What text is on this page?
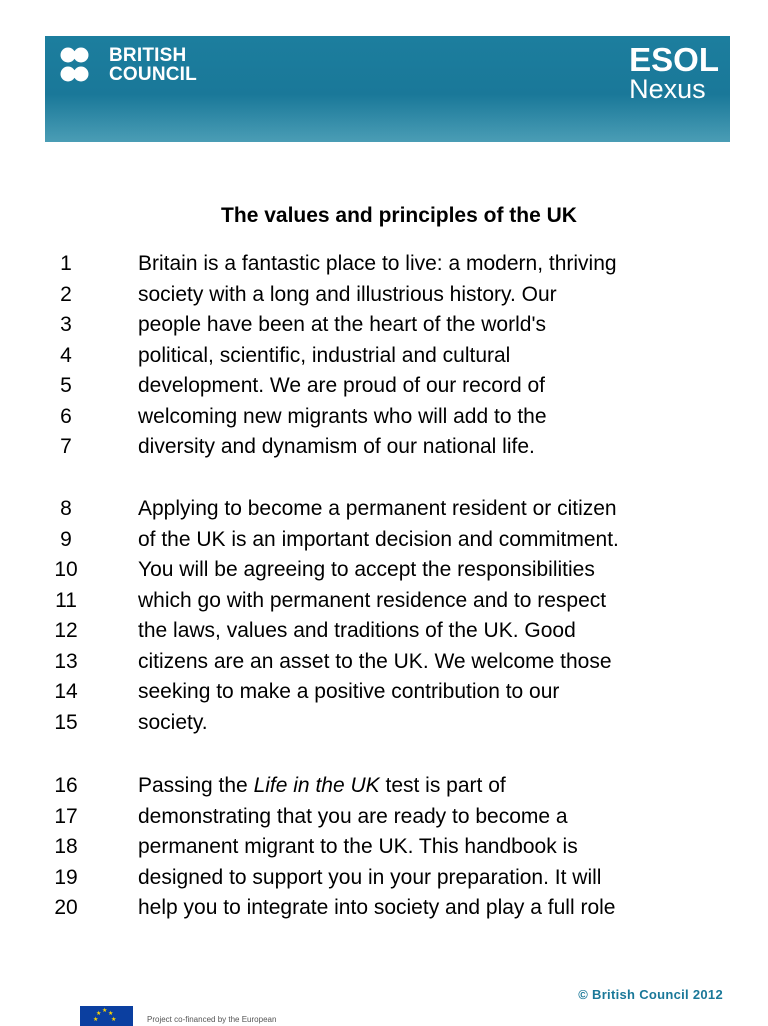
BRITISH
COUNCIL	ESOL
Nexus
The values and principles of the UK
1	Britain is a fantastic place to live: a modern, thriving
2	society with a long and illustrious history. Our
3	people have been at the heart of the world's
4	political, scientific, industrial and cultural
5	development. We are proud of our record of
6	welcoming new migrants who will add to the
7	diversity and dynamism of our national life.
8	Applying to become a permanent resident or citizen
9	of the UK is an important decision and commitment.
10	You will be agreeing to accept the responsibilities
11	which go with permanent residence and to respect
12	the laws, values and traditions of the UK. Good
13	citizens are an asset to the UK. We welcome those
14	seeking to make a positive contribution to our
15	society.
16	Passing the Life in the UK test is part of
17	demonstrating that you are ready to become a
18	permanent migrant to the UK. This handbook is
19	designed to support you in your preparation. It will
20	help you to integrate into society and play a full role
© British Council 2012
★
★ ★
★ ★	Project co-financed by the European
